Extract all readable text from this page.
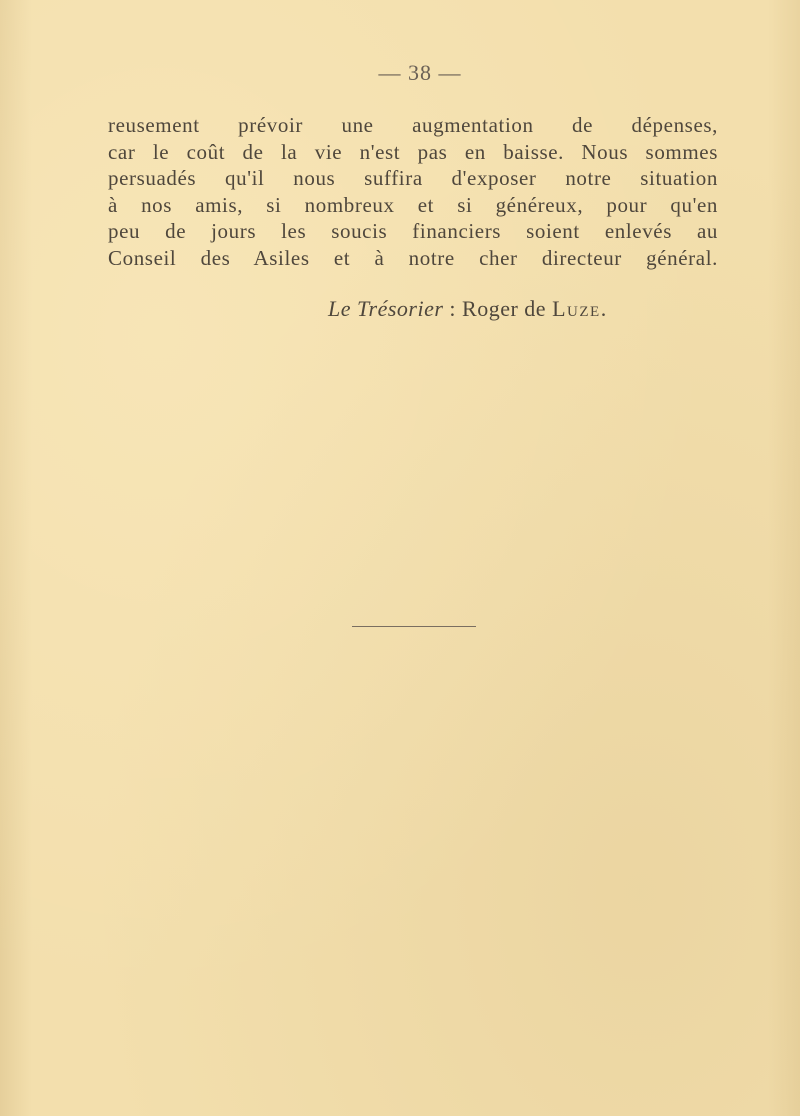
— 38 —
reusement prévoir une augmentation de dépenses,
car le coût de la vie n'est pas en baisse. Nous sommes
persuadés qu'il nous suffira d'exposer notre situation
à nos amis, si nombreux et si généreux, pour qu'en
peu de jours les soucis financiers soient enlevés au
Conseil des Asiles et à notre cher directeur général.
Le Trésorier : Roger de Luze.
